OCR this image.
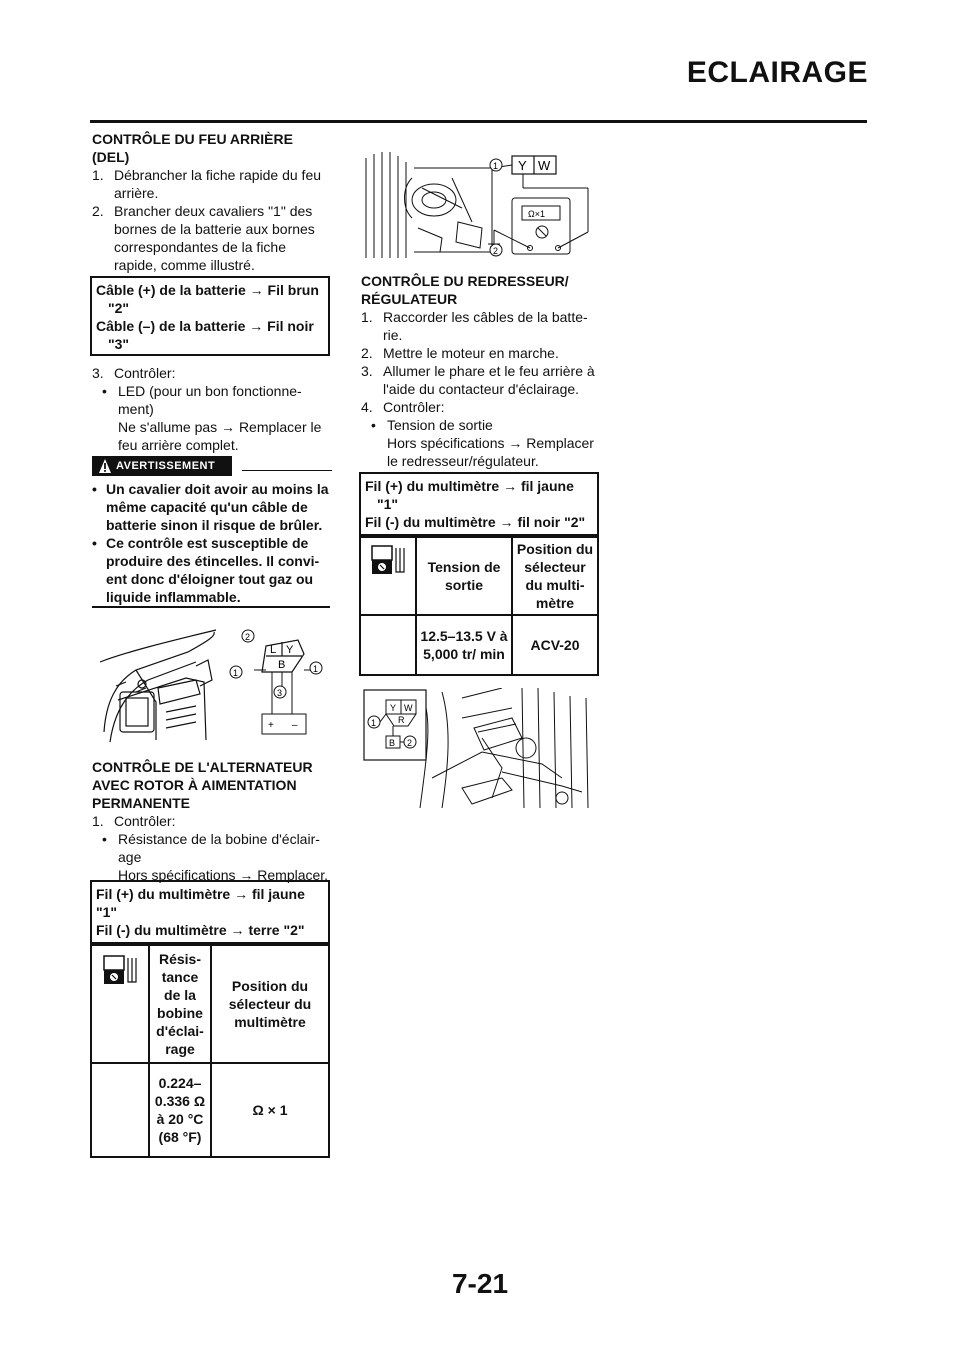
ECLAIRAGE
CONTRÔLE DU FEU ARRIÈRE (DEL)
1. Débrancher la fiche rapide du feu arrière.
2. Brancher deux cavaliers "1" des bornes de la batterie aux bornes correspondantes de la fiche rapide, comme illustré.
Câble (+) de la batterie → Fil brun
"2"
Câble (–) de la batterie → Fil noir
"3"
3. Contrôler:
• LED (pour un bon fonctionne- ment)
Ne s'allume pas → Remplacer le feu arrière complet.
AVERTISSEMENT
• Un cavalier doit avoir au moins la même capacité qu'un câble de batterie sinon il risque de brûler.
• Ce contrôle est susceptible de produire des étincelles. Il convi- ent donc d'éloigner tout gaz ou liquide inflammable.
L Y
B
+ –
2
1	1
3
CONTRÔLE DE L'ALTERNATEUR AVEC ROTOR À AIMENTATION PERMANENTE
1. Contrôler:
• Résistance de la bobine d'éclair- age
Hors spécifications → Remplacer.
Fil (+) du multimètre → fil jaune
"1"
Fil (-) du multimètre → terre "2"
	Résis- tance de la bobine d'éclai- rage	Position du sélecteur du multimètre
	0.224– 0.336 Ω à 20 °C (68 °F)	Ω × 1
Y W
Ω×1
1
2
CONTRÔLE DU REDRESSEUR/ RÉGULATEUR
1. Raccorder les câbles de la batte- rie.
2. Mettre le moteur en marche.
3. Allumer le phare et le feu arrière à l'aide du contacteur d'éclairage.
4. Contrôler:
• Tension de sortie
Hors spécifications → Remplacer le redresseur/régulateur.
Fil (+) du multimètre → fil jaune
"1"
Fil (-) du multimètre → fil noir "2"
	Tension de sortie	Position du sélecteur du multi- mètre
	12.5–13.5 V à 5,000 tr/ min	ACV-20
Y W
R
B
1
2
7-21
